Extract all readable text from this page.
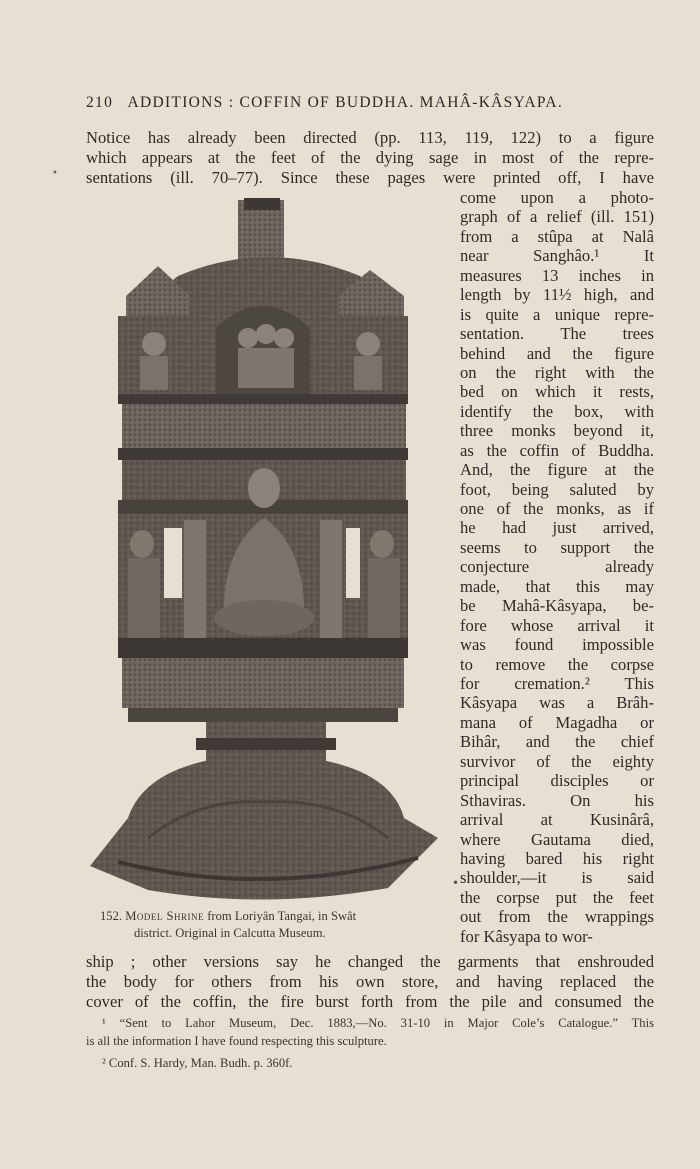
210 ADDITIONS : COFFIN OF BUDDHA. MAHÂ-KÂSYAPA.
•
Notice has already been directed (pp. 113, 119, 122) to a figure
which appears at the feet of the dying sage in most of the repre-
sentations (ill. 70–77). Since these pages were printed off, I have
come upon a photo-
graph of a relief (ill. 151)
from a stûpa at Nalâ
near Sanghâo.¹ It
measures 13 inches in
length by 11½ high, and
is quite a unique repre-
sentation. The trees
behind and the figure
on the right with the
bed on which it rests,
identify the box, with
three monks beyond it,
as the coffin of Buddha.
And, the figure at the
foot, being saluted by
one of the monks, as if
he had just arrived,
seems to support the
conjecture already
made, that this may
be Mahâ-Kâsyapa, be-
fore whose arrival it
was found impossible
to remove the corpse
for cremation.² This
Kâsyapa was a Brâh-
mana of Magadha or
Bihâr, and the chief
survivor of the eighty
principal disciples or
Sthaviras. On his
arrival at Kusinârâ,
where Gautama died,
having bared his right
shoulder,—it is said
the corpse put the feet
out from the wrappings
for Kâsyapa to wor-
152. Model Shrine from Loriyân Tangai, in Swât
district. Original in Calcutta Museum.
•
ship ; other versions say he changed the garments that enshrouded
the body for others from his own store, and having replaced the
cover of the coffin, the fire burst forth from the pile and consumed the
¹ “Sent to Lahor Museum, Dec. 1883,—No. 31-10 in Major Cole’s Catalogue.” This
is all the information I have found respecting this sculpture.
² Conf. S. Hardy, Man. Budh. p. 360f.
